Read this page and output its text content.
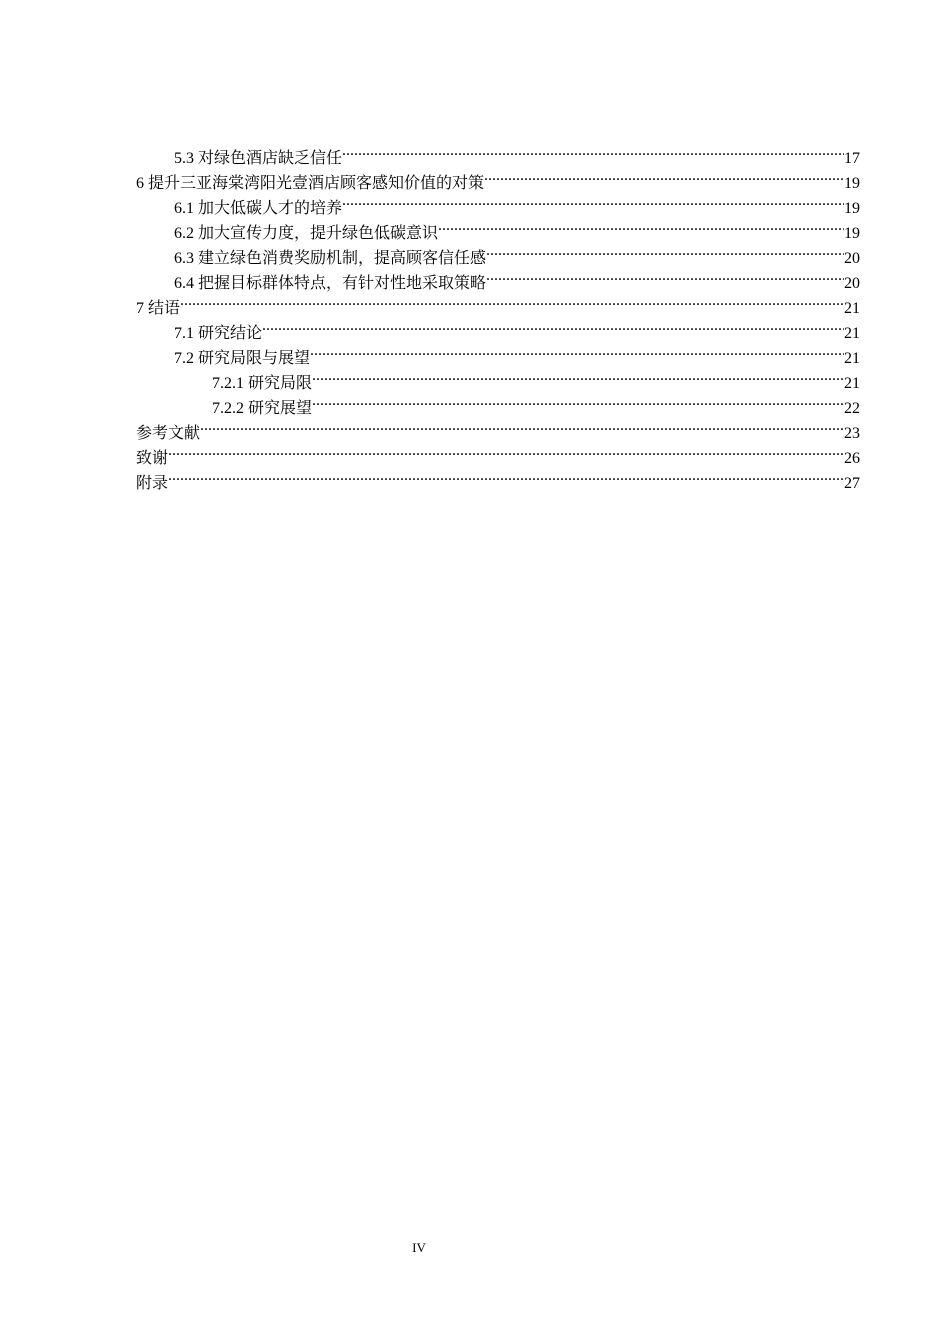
5.3 对绿色酒店缺乏信任 .....	17
6 提升三亚海棠湾阳光壹酒店顾客感知价值的对策 .....	19
6.1 加大低碳人才的培养 .....	19
6.2 加大宣传力度，提升绿色低碳意识 .....	19
6.3 建立绿色消费奖励机制，提高顾客信任感 .....	20
6.4 把握目标群体特点，有针对性地采取策略 .....	20
7 结语 .....	21
7.1 研究结论 .....	21
7.2 研究局限与展望 .....	21
7.2.1 研究局限 .....	21
7.2.2 研究展望 .....	22
参考文献 .....	23
致谢 .....	26
附录 .....	27
IV
